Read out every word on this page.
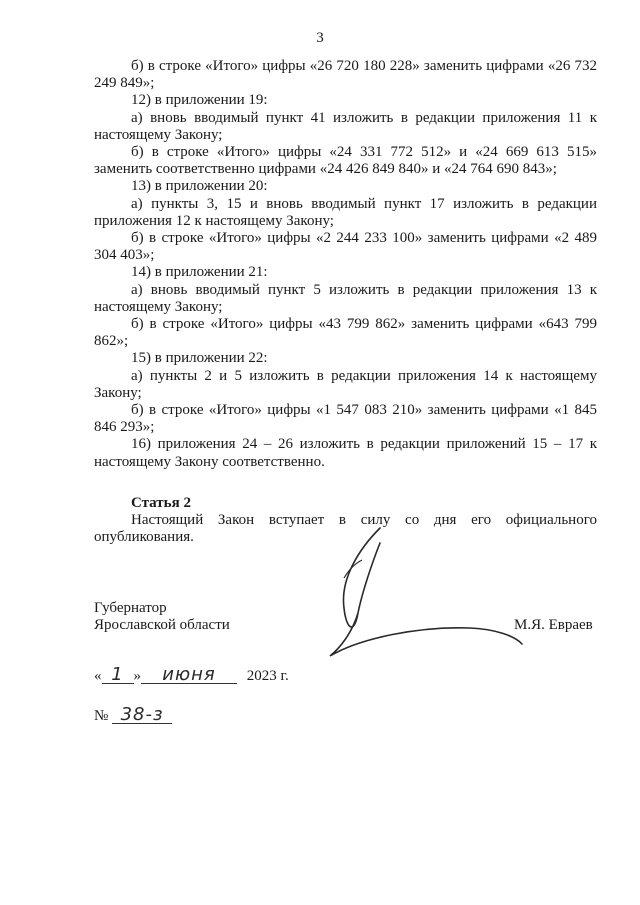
3

б) в строке «Итого» цифры «26 720 180 228» заменить цифрами «26 732 249 849»;

12) в приложении 19:

а) вновь вводимый пункт 41 изложить в редакции приложения 11 к настоящему Закону;

б) в строке «Итого» цифры «24 331 772 512» и «24 669 613 515» заменить соответственно цифрами «24 426 849 840» и «24 764 690 843»;

13) в приложении 20:

а) пункты 3, 15 и вновь вводимый пункт 17 изложить в редакции приложения 12 к настоящему Закону;

б) в строке «Итого» цифры «2 244 233 100» заменить цифрами «2 489 304 403»;

14) в приложении 21:

а) вновь вводимый пункт 5 изложить в редакции приложения 13 к настоящему Закону;

б) в строке «Итого» цифры «43 799 862» заменить цифрами «643 799 862»;

15) в приложении 22:

а) пункты 2 и 5 изложить в редакции приложения 14 к настоящему Закону;

б) в строке «Итого» цифры «1 547 083 210» заменить цифрами «1 845 846 293»;

16) приложения 24 – 26 изложить в редакции приложений 15 – 17 к настоящему Закону соответственно.

Статья 2

Настоящий Закон вступает в силу со дня его официального опубликования.

Губернатор
Ярославской области	М.Я. Евраев
« 1 » июня 2023 г.
№ 38-з
